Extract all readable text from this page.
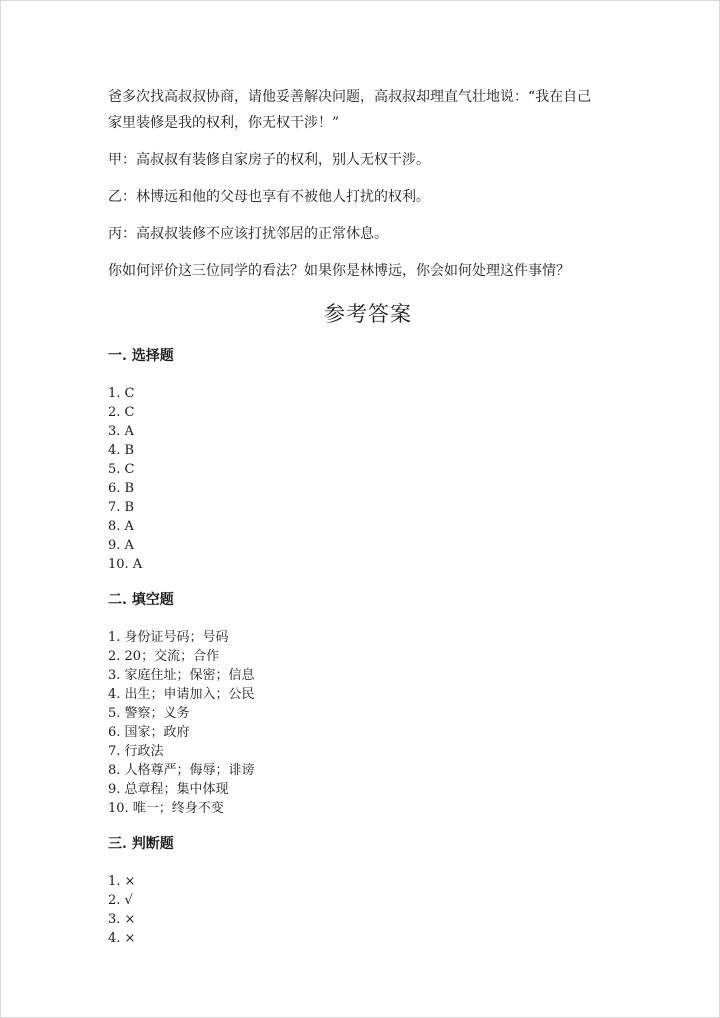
爸多次找高叔叔协商，请他妥善解决问题，高叔叔却理直气壮地说：“我在自己

家里装修是我的权利，你无权干涉！”

甲：高叔叔有装修自家房子的权利，别人无权干涉。

乙：林博远和他的父母也享有不被他人打扰的权利。

丙：高叔叔装修不应该打扰邻居的正常休息。

你如何评价这三位同学的看法？如果你是林博远，你会如何处理这件事情？

参考答案
一. 选择题
1. C
2. C
3. A
4. B
5. C
6. B
7. B
8. A
9. A
10. A
二. 填空题
1. 身份证号码；号码
2. 20；交流；合作
3. 家庭住址；保密；信息
4. 出生；申请加入；公民
5. 警察；义务
6. 国家；政府
7. 行政法
8. 人格尊严；侮辱；诽谤
9. 总章程；集中体现
10. 唯一；终身不变
三. 判断题
1. ×
2. √
3. ×
4. ×
